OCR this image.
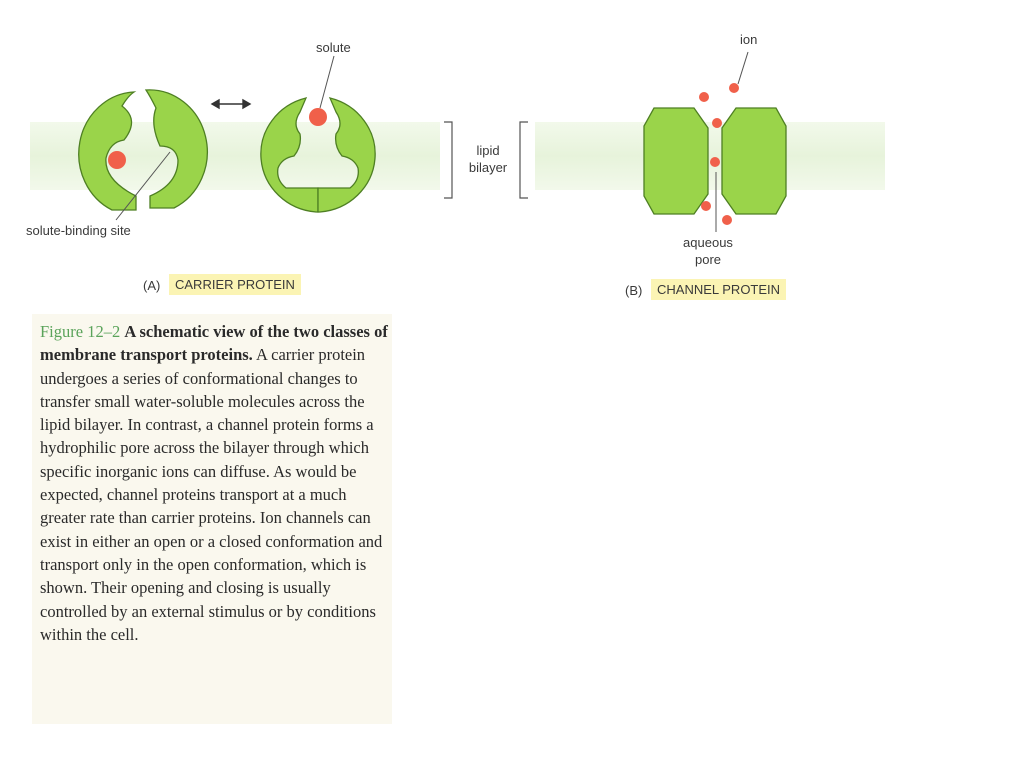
solute
solute-binding site
(A)	CARRIER PROTEIN
lipid
bilayer
ion
aqueous
pore
(B)	CHANNEL PROTEIN
Figure 12–2 A schematic view of the two classes of membrane transport proteins. A carrier protein undergoes a series of conformational changes to transfer small water-soluble molecules across the lipid bilayer. In contrast, a channel protein forms a hydrophilic pore across the bilayer through which specific inorganic ions can diffuse. As would be expected, channel proteins transport at a much greater rate than carrier proteins. Ion channels can exist in either an open or a closed conformation and transport only in the open conformation, which is shown. Their opening and closing is usually controlled by an external stimulus or by conditions within the cell.
